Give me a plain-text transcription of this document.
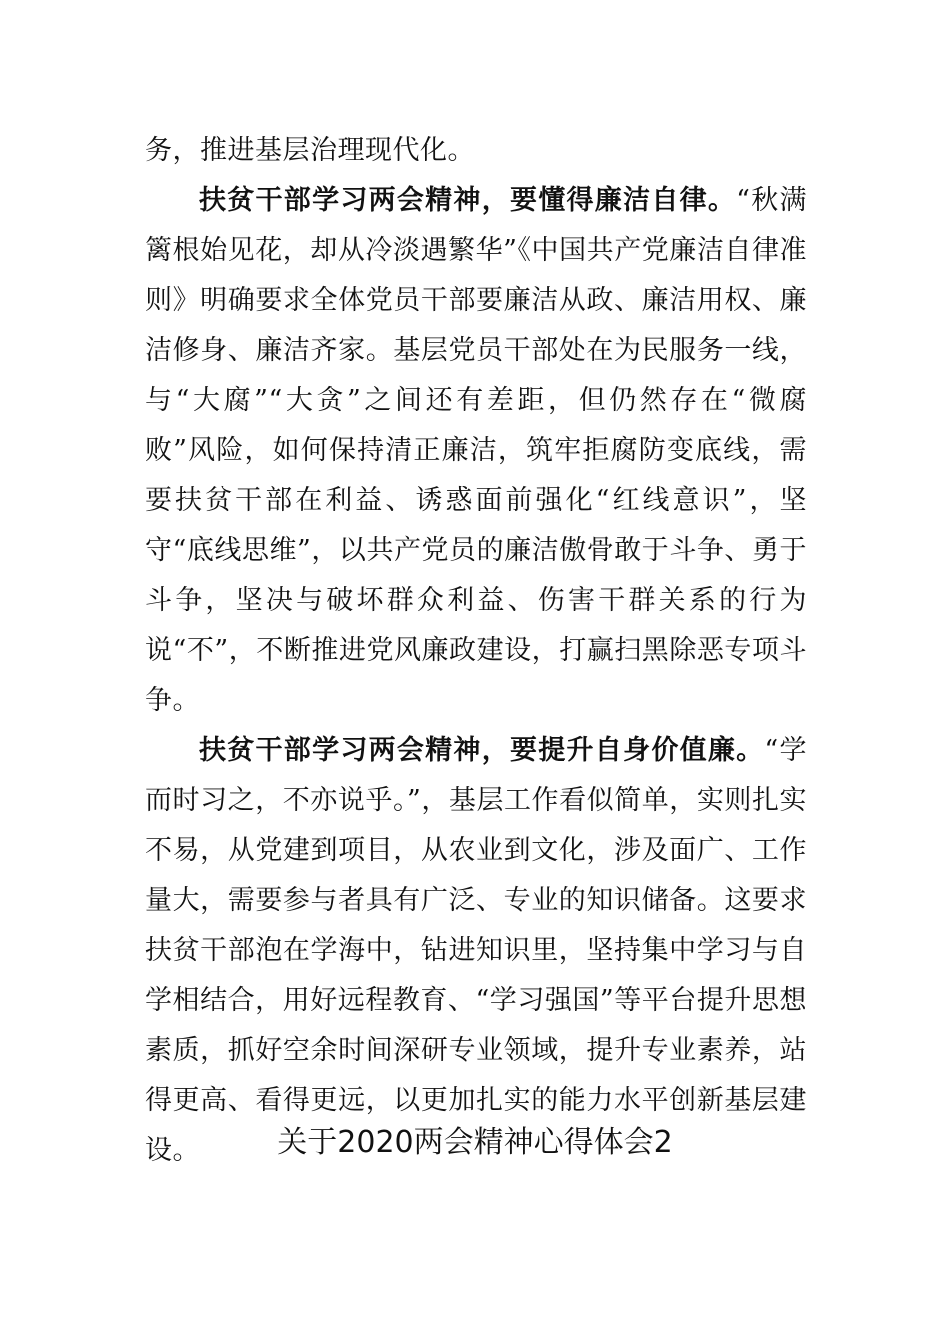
务，推进基层治理现代化。

扶贫干部学习两会精神，要懂得廉洁自律。“秋满篱根始见花，却从冷淡遇繁华”《中国共产党廉洁自律准则》明确要求全体党员干部要廉洁从政、廉洁用权、廉洁修身、廉洁齐家。基层党员干部处在为民服务一线，与“大腐”“大贪”之间还有差距，但仍然存在“微腐败”风险，如何保持清正廉洁，筑牢拒腐防变底线，需要扶贫干部在利益、诱惑面前强化“红线意识”，坚守“底线思维”，以共产党员的廉洁傲骨敢于斗争、勇于斗争，坚决与破坏群众利益、伤害干群关系的行为说“不”，不断推进党风廉政建设，打赢扫黑除恶专项斗争。

扶贫干部学习两会精神，要提升自身价值廉。“学而时习之，不亦说乎。”，基层工作看似简单，实则扎实不易，从党建到项目，从农业到文化，涉及面广、工作量大，需要参与者具有广泛、专业的知识储备。这要求扶贫干部泡在学海中，钻进知识里，坚持集中学习与自学相结合，用好远程教育、“学习强国”等平台提升思想素质，抓好空余时间深研专业领域，提升专业素养，站得更高、看得更远，以更加扎实的能力水平创新基层建设。	关于2020两会精神心得体会2
